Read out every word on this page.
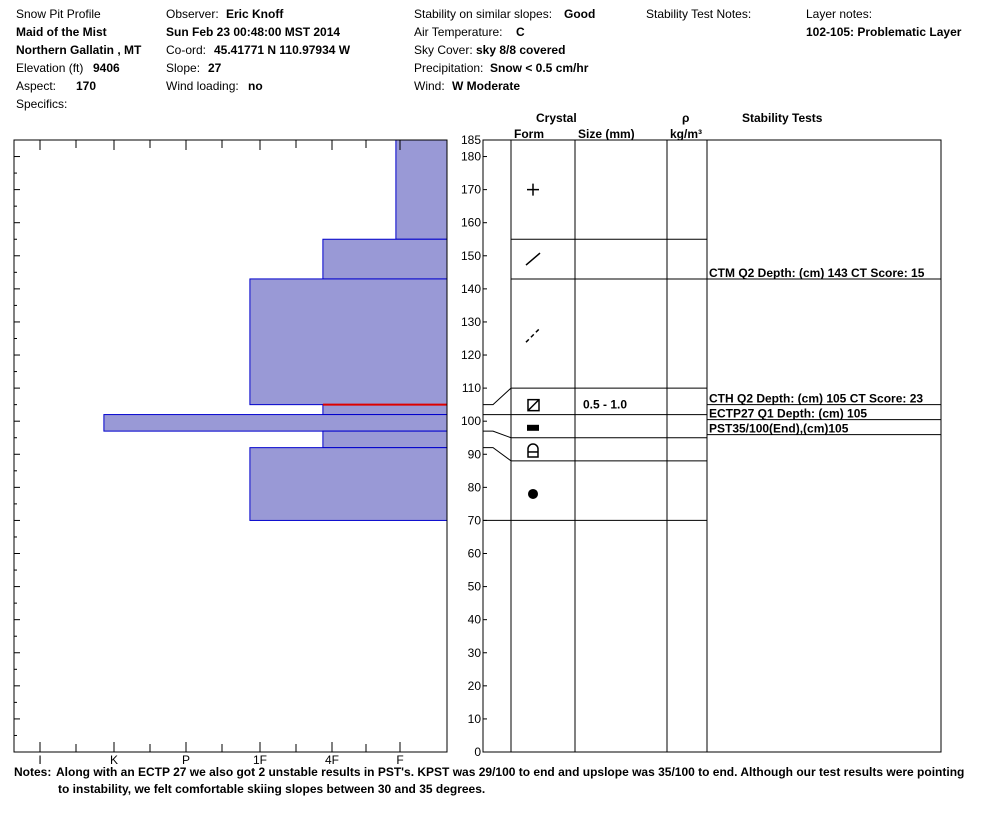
Snow Pit Profile
Maid of the Mist
Northern Gallatin , MT
Elevation (ft) 9406
Aspect: 170
Specifics:
Observer: Eric Knoff
Sun Feb 23 00:48:00 MST 2014
Co-ord: 45.41771 N 110.97934 W
Slope: 27
Wind loading: no
Stability on similar slopes: Good
Air Temperature: C
Sky Cover: sky 8/8 covered
Precipitation: Snow < 0.5 cm/hr
Wind: W Moderate
Stability Test Notes:	Layer notes:
102-105: Problematic Layer
Crystal
Form	Size (mm)
ρ
kg/m³
Stability Tests
I	K	P	1F	4F	F
0
10
20
30
40
50
60
70
80
90
100
110
120
130
140
150
160
170
180
185
0.5 - 1.0
CTM Q2 Depth: (cm) 143 CT Score: 15
CTH Q2 Depth: (cm) 105 CT Score: 23
ECTP27 Q1 Depth: (cm) 105
PST35/100(End),(cm)105
Notes: Along with an ECTP 27 we also got 2 unstable results in PST's. KPST was 29/100 to end and upslope was 35/100 to end. Although our test results were pointing
to instability, we felt comfortable skiing slopes between 30 and 35 degrees.
